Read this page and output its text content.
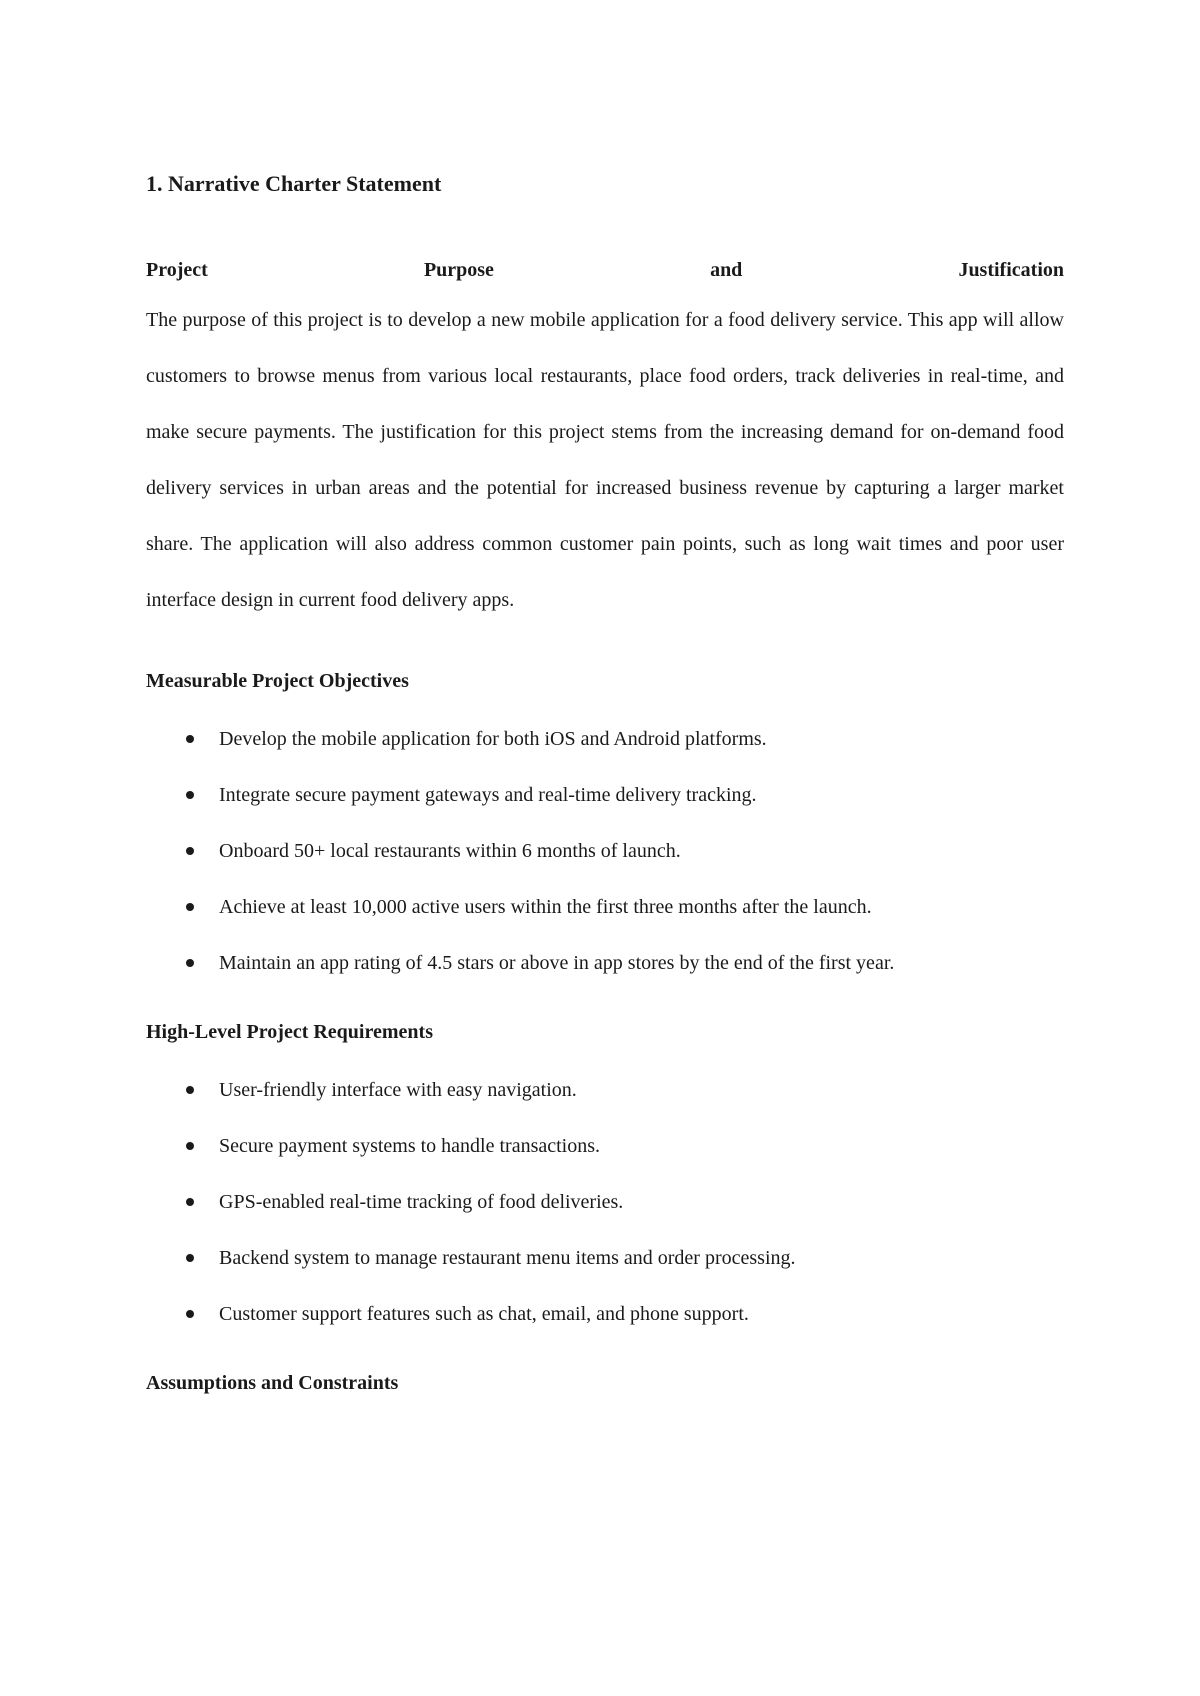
1. Narrative Charter Statement
Project	Purpose	and	Justification

The purpose of this project is to develop a new mobile application for a food delivery service. This app will allow customers to browse menus from various local restaurants, place food orders, track deliveries in real-time, and make secure payments. The justification for this project stems from the increasing demand for on-demand food delivery services in urban areas and the potential for increased business revenue by capturing a larger market share. The application will also address common customer pain points, such as long wait times and poor user interface design in current food delivery apps.

Measurable Project Objectives
Develop the mobile application for both iOS and Android platforms.
Integrate secure payment gateways and real-time delivery tracking.
Onboard 50+ local restaurants within 6 months of launch.
Achieve at least 10,000 active users within the first three months after the launch.
Maintain an app rating of 4.5 stars or above in app stores by the end of the first year.
High-Level Project Requirements
User-friendly interface with easy navigation.
Secure payment systems to handle transactions.
GPS-enabled real-time tracking of food deliveries.
Backend system to manage restaurant menu items and order processing.
Customer support features such as chat, email, and phone support.
Assumptions and Constraints
